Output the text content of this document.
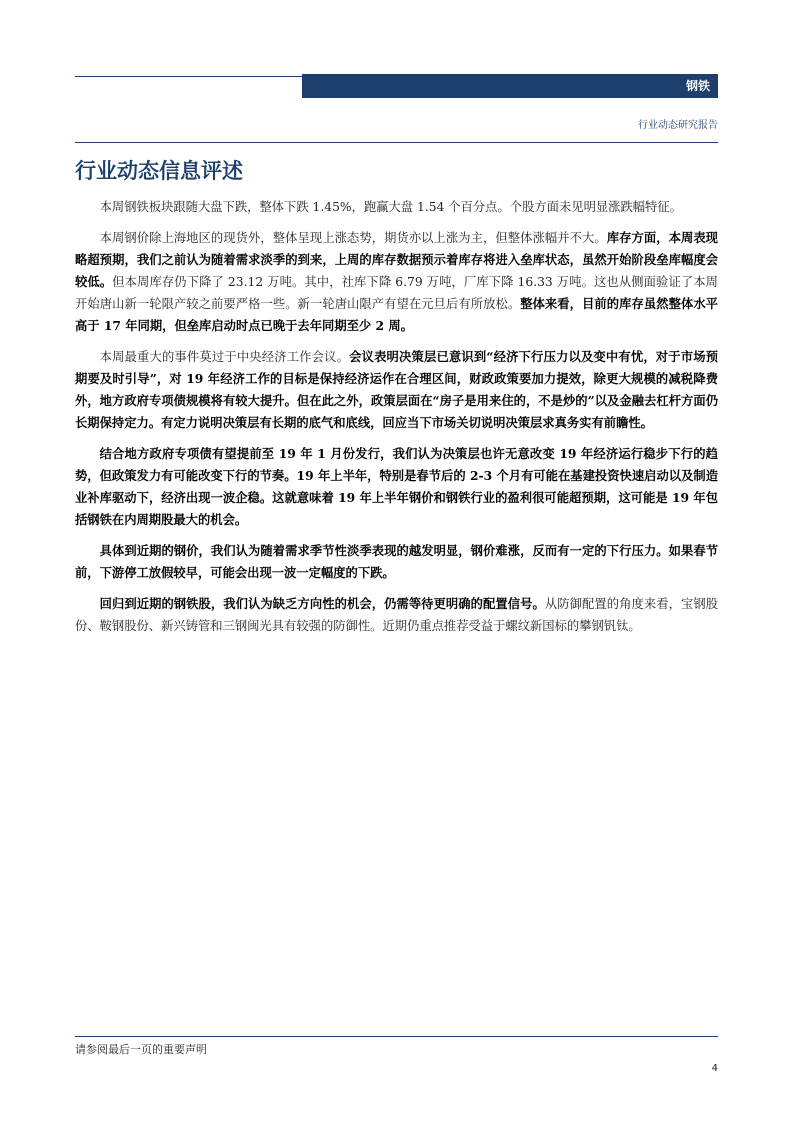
钢铁
行业动态研究报告
行业动态信息评述

本周钢铁板块跟随大盘下跌，整体下跌 1.45%，跑赢大盘 1.54 个百分点。个股方面未见明显涨跌幅特征。

本周钢价除上海地区的现货外，整体呈现上涨态势，期货亦以上涨为主，但整体涨幅并不大。库存方面，本周表现略超预期，我们之前认为随着需求淡季的到来，上周的库存数据预示着库存将进入垒库状态，虽然开始阶段垒库幅度会较低。但本周库存仍下降了 23.12 万吨。其中，社库下降 6.79 万吨，厂库下降 16.33 万吨。这也从侧面验证了本周开始唐山新一轮限产较之前要严格一些。新一轮唐山限产有望在元旦后有所放松。整体来看，目前的库存虽然整体水平高于 17 年同期，但垒库启动时点已晚于去年同期至少 2 周。

本周最重大的事件莫过于中央经济工作会议。会议表明决策层已意识到“经济下行压力以及变中有忧，对于市场预期要及时引导”，对 19 年经济工作的目标是保持经济运作在合理区间，财政政策要加力提效，除更大规模的减税降费外，地方政府专项债规模将有较大提升。但在此之外，政策层面在“房子是用来住的，不是炒的”以及金融去杠杆方面仍长期保持定力。有定力说明决策层有长期的底气和底线，回应当下市场关切说明决策层求真务实有前瞻性。

结合地方政府专项债有望提前至 19 年 1 月份发行，我们认为决策层也许无意改变 19 年经济运行稳步下行的趋势，但政策发力有可能改变下行的节奏。19 年上半年，特别是春节后的 2-3 个月有可能在基建投资快速启动以及制造业补库驱动下，经济出现一波企稳。这就意味着 19 年上半年钢价和钢铁行业的盈利很可能超预期，这可能是 19 年包括钢铁在内周期股最大的机会。

具体到近期的钢价，我们认为随着需求季节性淡季表现的越发明显，钢价难涨，反而有一定的下行压力。如果春节前，下游停工放假较早，可能会出现一波一定幅度的下跌。

回归到近期的钢铁股，我们认为缺乏方向性的机会，仍需等待更明确的配置信号。从防御配置的角度来看，宝钢股份、鞍钢股份、新兴铸管和三钢闽光具有较强的防御性。近期仍重点推荐受益于螺纹新国标的攀钢钒钛。

请参阅最后一页的重要声明
4
